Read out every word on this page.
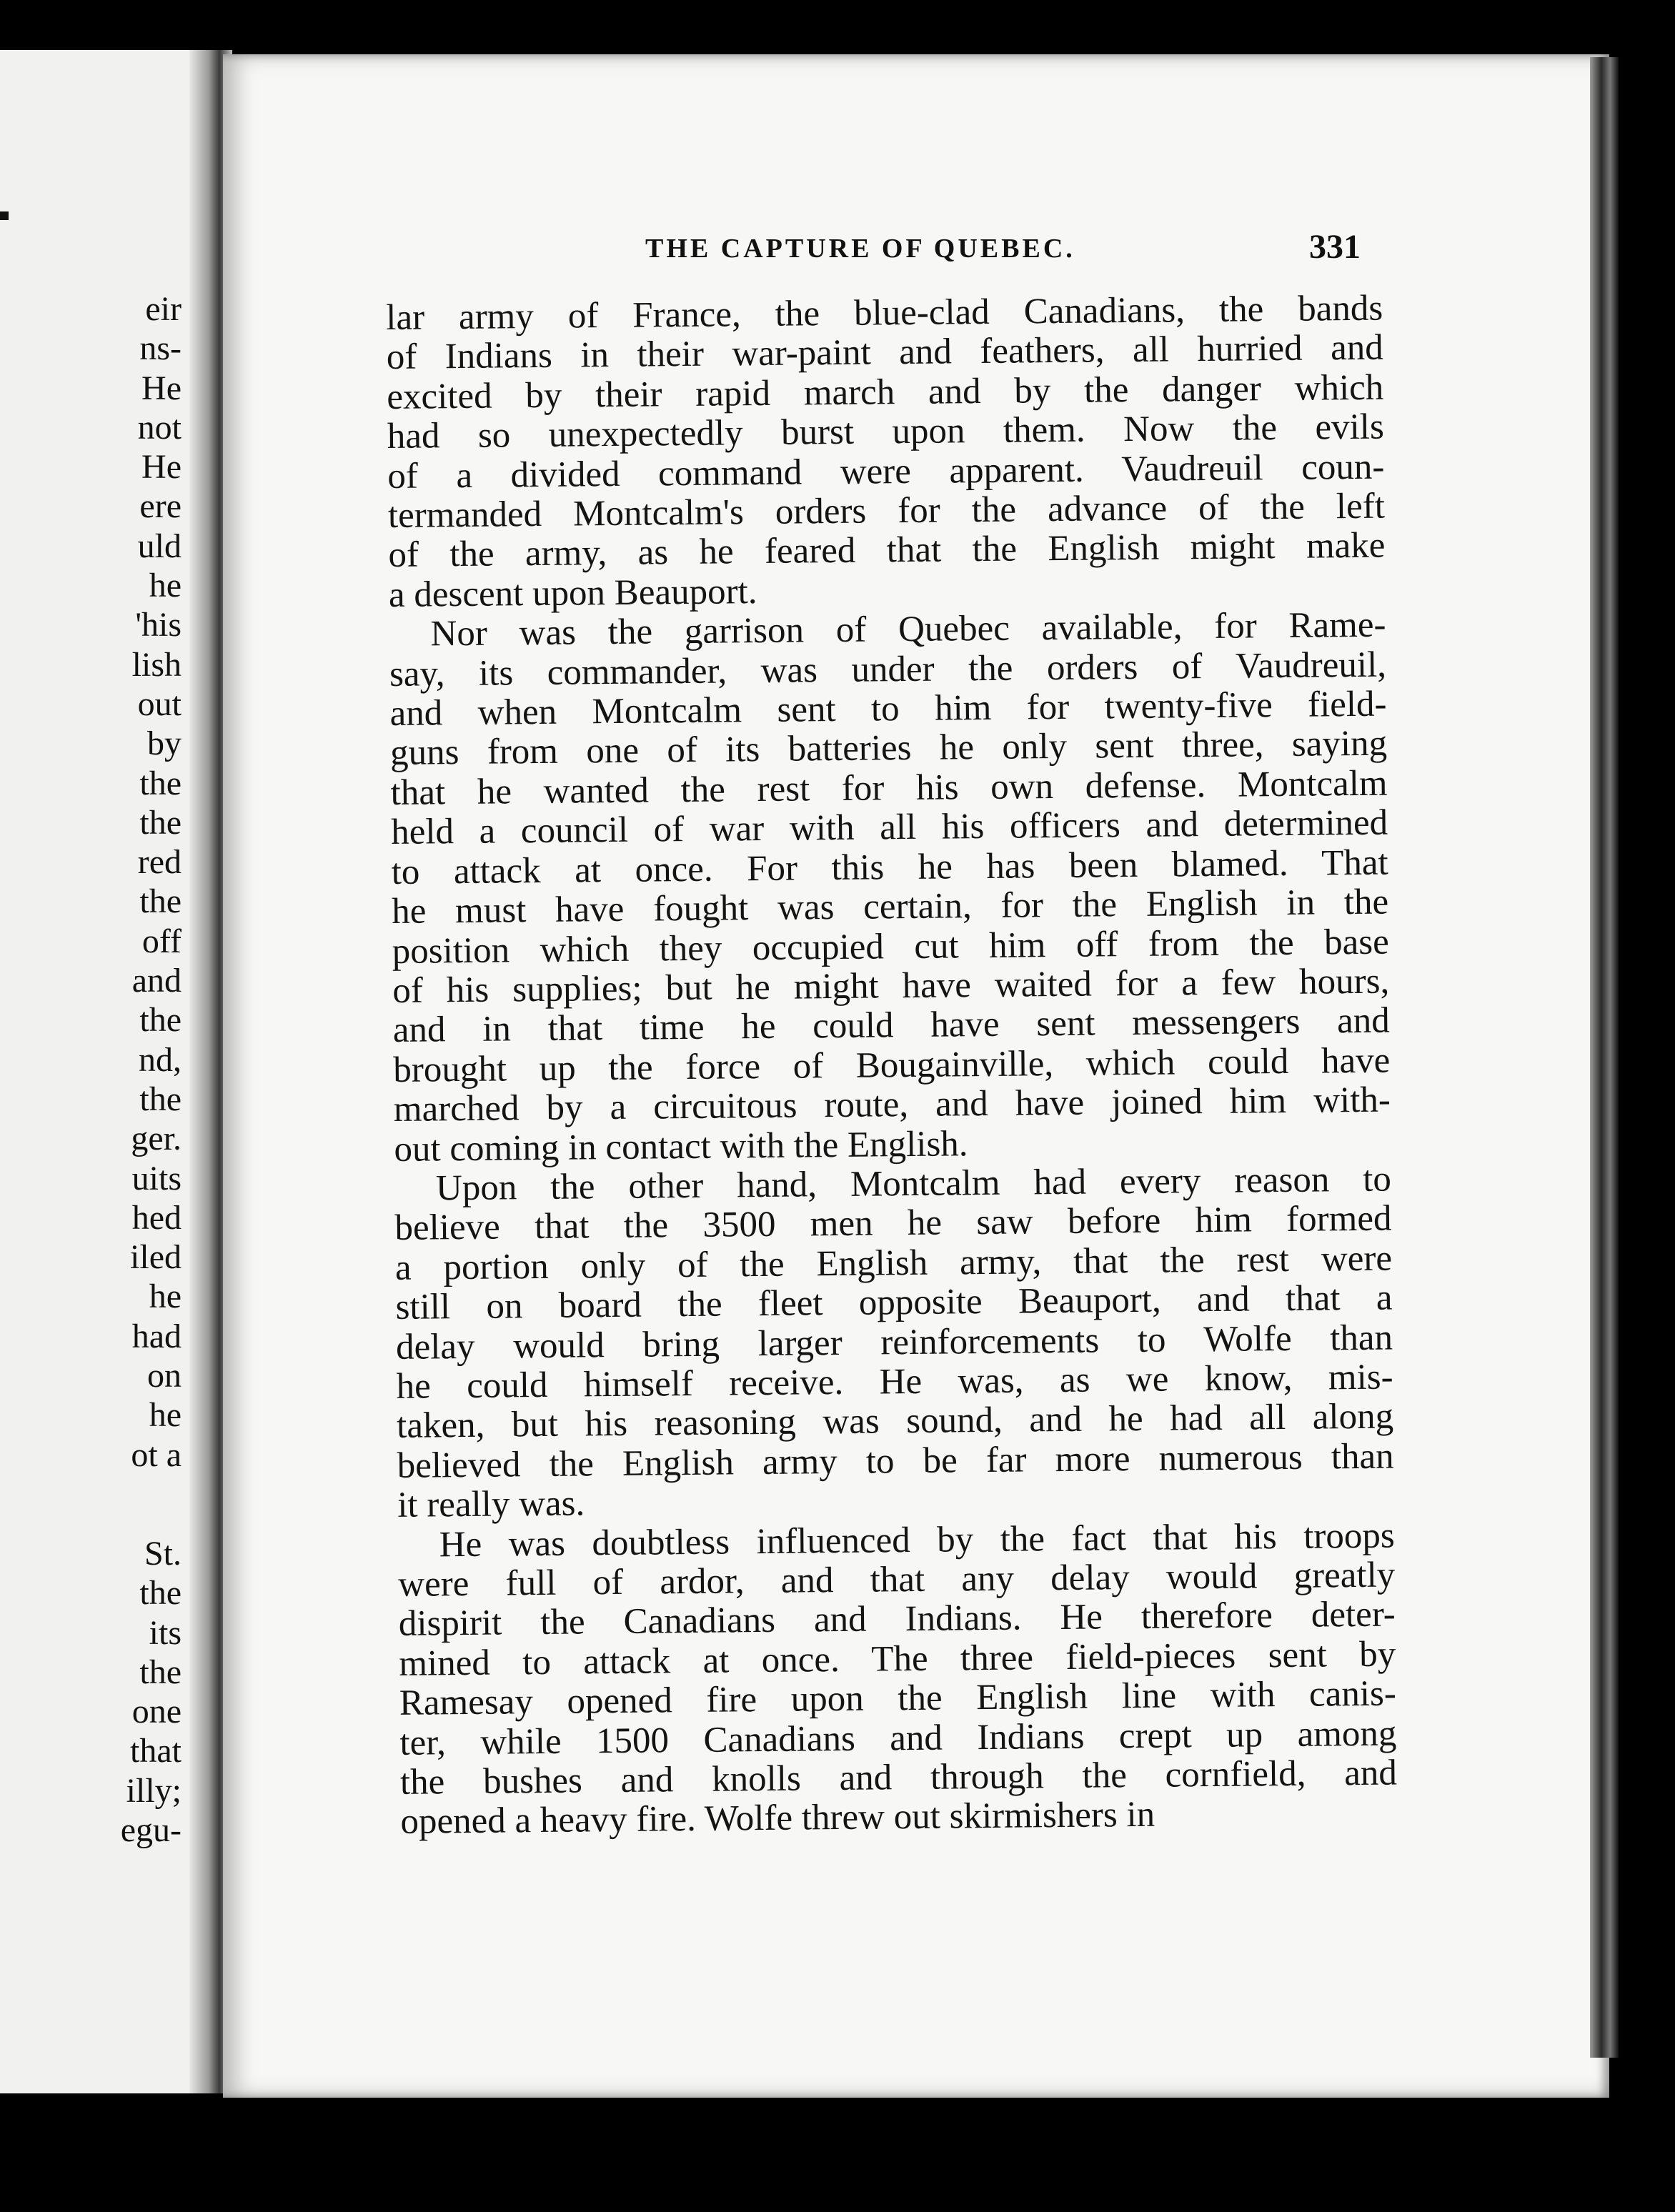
eir
ns-
He
not
He
ere
uld
he
'his
lish
out
by
the
the
red
the
off
and
the
nd,
the
ger.
uits
hed
iled
he
had
on
he
ot a
St.
the
its
the
one
that
illy;
egu-
THE CAPTURE OF QUEBEC.	331

lar army of France, the blue-clad Canadians, the bands

of Indians in their war-paint and feathers, all hurried and

excited by their rapid march and by the danger which

had so unexpectedly burst upon them. Now the evils

of a divided command were apparent. Vaudreuil coun-

termanded Montcalm's orders for the advance of the left

of the army, as he feared that the English might make

a descent upon Beauport.

Nor was the garrison of Quebec available, for Rame-

say, its commander, was under the orders of Vaudreuil,

and when Montcalm sent to him for twenty-five field-

guns from one of its batteries he only sent three, saying

that he wanted the rest for his own defense. Montcalm

held a council of war with all his officers and determined

to attack at once. For this he has been blamed. That

he must have fought was certain, for the English in the

position which they occupied cut him off from the base

of his supplies; but he might have waited for a few hours,

and in that time he could have sent messengers and

brought up the force of Bougainville, which could have

marched by a circuitous route, and have joined him with-

out coming in contact with the English.

Upon the other hand, Montcalm had every reason to

believe that the 3500 men he saw before him formed

a portion only of the English army, that the rest were

still on board the fleet opposite Beauport, and that a

delay would bring larger reinforcements to Wolfe than

he could himself receive. He was, as we know, mis-

taken, but his reasoning was sound, and he had all along

believed the English army to be far more numerous than

it really was.

He was doubtless influenced by the fact that his troops

were full of ardor, and that any delay would greatly

dispirit the Canadians and Indians. He therefore deter-

mined to attack at once. The three field-pieces sent by

Ramesay opened fire upon the English line with canis-

ter, while 1500 Canadians and Indians crept up among

the bushes and knolls and through the cornfield, and

opened a heavy fire. Wolfe threw out skirmishers in
